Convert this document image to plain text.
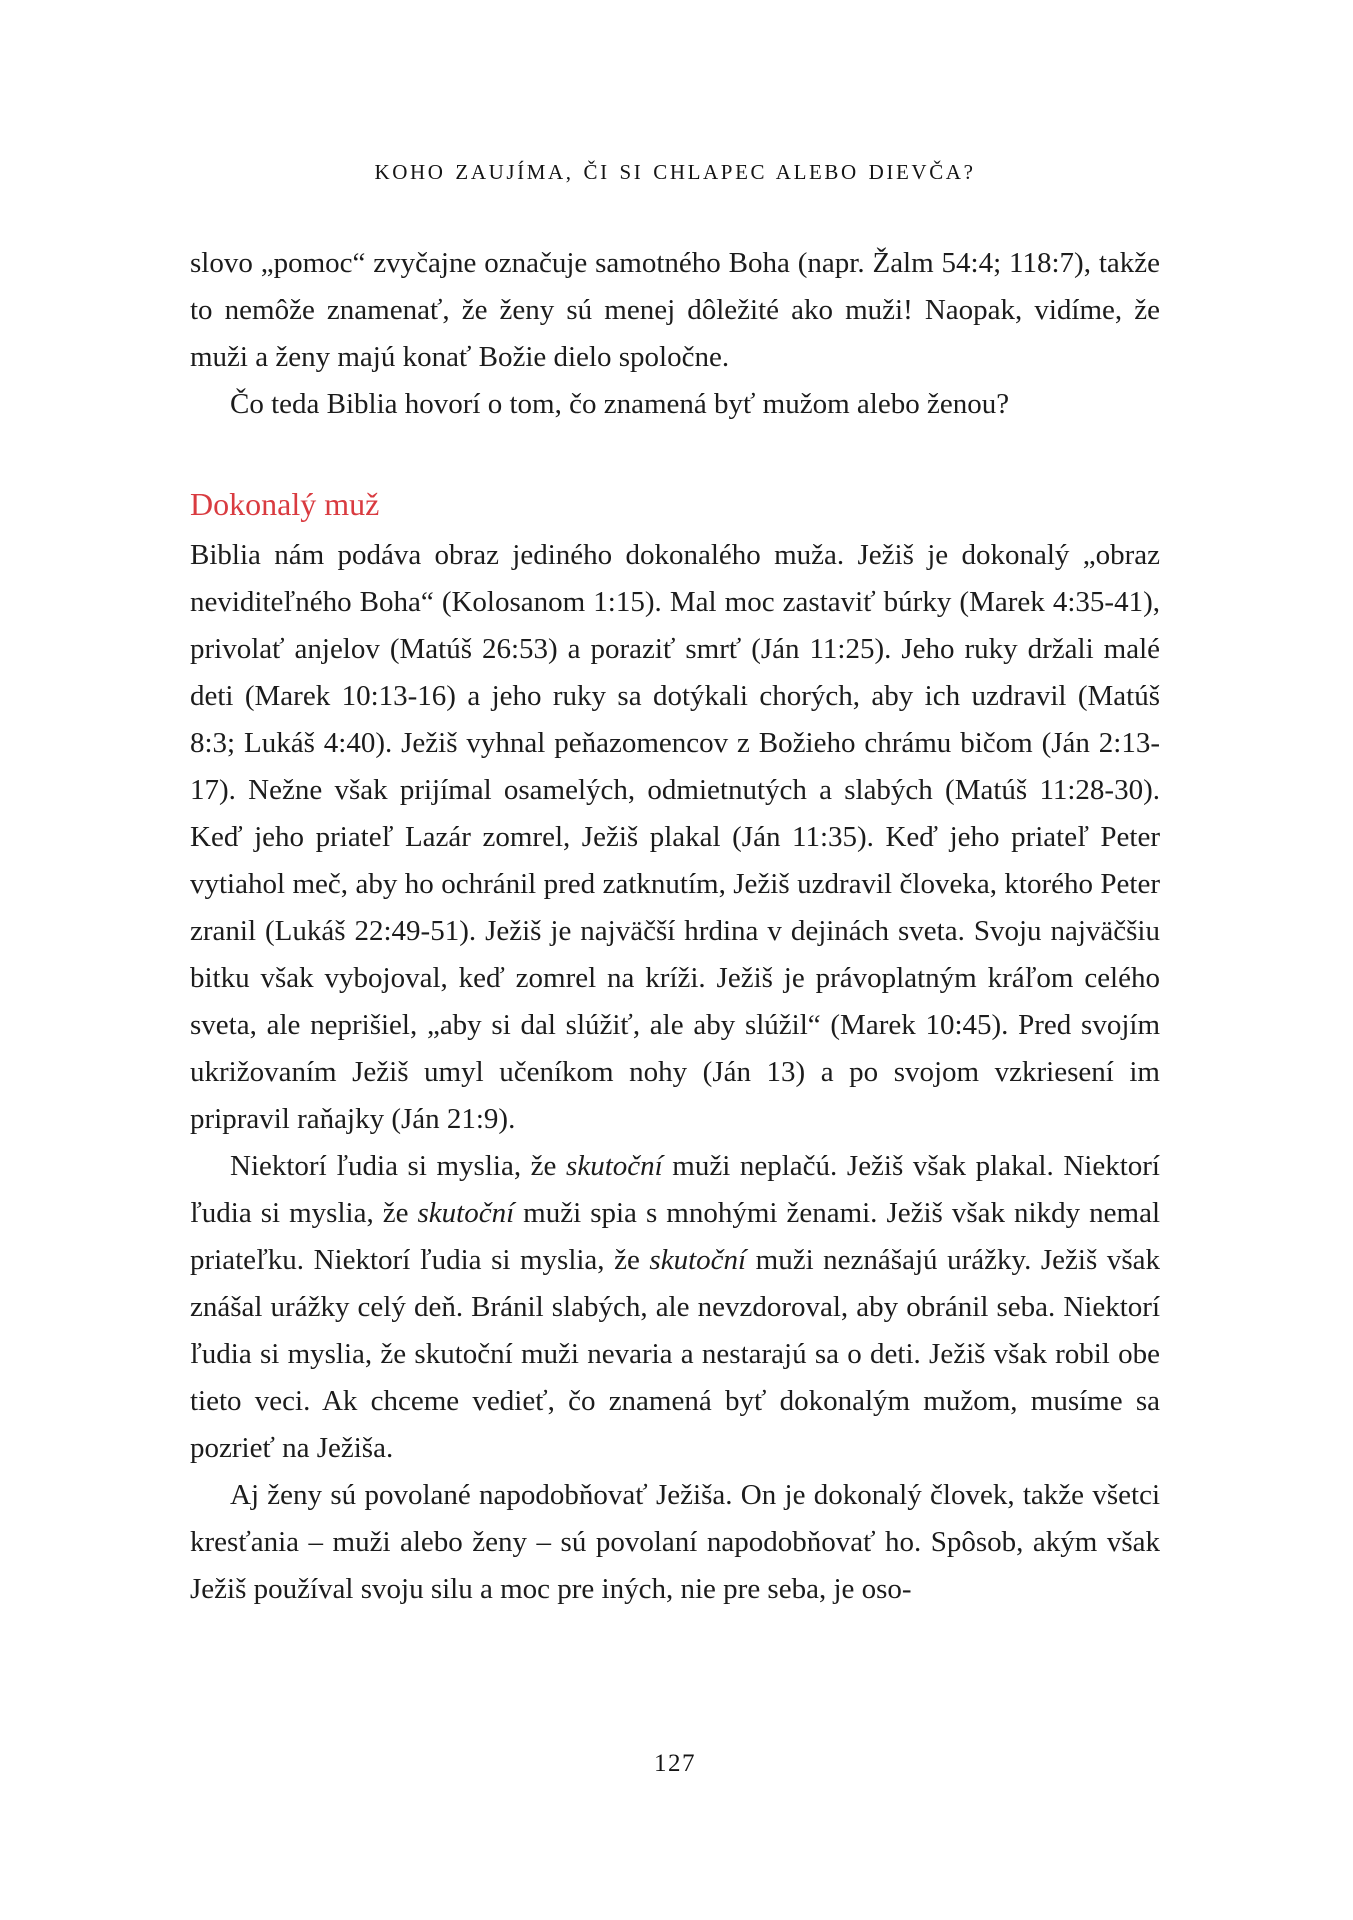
KOHO ZAUJÍMA, ČI SI CHLAPEC ALEBO DIEVČA?

slovo „pomoc“ zvyčajne označuje samotného Boha (napr. Žalm 54:4; 118:7), takže to nemôže znamenať, že ženy sú menej dôležité ako muži! Naopak, vidíme, že muži a ženy majú konať Božie dielo spoločne.

Čo teda Biblia hovorí o tom, čo znamená byť mužom alebo ženou?

Dokonalý muž

Biblia nám podáva obraz jediného dokonalého muža. Ježiš je dokonalý „obraz neviditeľného Boha“ (Kolosanom 1:15). Mal moc zastaviť búrky (Marek 4:35-41), privolať anjelov (Matúš 26:53) a poraziť smrť (Ján 11:25). Jeho ruky držali malé deti (Marek 10:13-16) a jeho ruky sa dotýkali chorých, aby ich uzdravil (Matúš 8:3; Lukáš 4:40). Ježiš vyhnal peňazomencov z Božieho chrámu bičom (Ján 2:13-17). Nežne však prijímal osamelých, odmietnutých a slabých (Matúš 11:28-30). Keď jeho priateľ Lazár zomrel, Ježiš plakal (Ján 11:35). Keď jeho priateľ Peter vytiahol meč, aby ho ochránil pred zatknutím, Ježiš uzdravil človeka, ktorého Peter zranil (Lukáš 22:49-51). Ježiš je najväčší hrdina v dejinách sveta. Svoju najväčšiu bitku však vybojoval, keď zomrel na kríži. Ježiš je právoplatným kráľom celého sveta, ale neprišiel, „aby si dal slúžiť, ale aby slúžil“ (Marek 10:45). Pred svojím ukrižovaním Ježiš umyl učeníkom nohy (Ján 13) a po svojom vzkriesení im pripravil raňajky (Ján 21:9).

Niektorí ľudia si myslia, že skutoční muži neplačú. Ježiš však plakal. Niektorí ľudia si myslia, že skutoční muži spia s mnohými ženami. Ježiš však nikdy nemal priateľku. Niektorí ľudia si myslia, že skutoční muži neznášajú urážky. Ježiš však znášal urážky celý deň. Bránil slabých, ale nevzdoroval, aby obránil seba. Niektorí ľudia si myslia, že skutoční muži nevaria a nestarajú sa o deti. Ježiš však robil obe tieto veci. Ak chceme vedieť, čo znamená byť dokonalým mužom, musíme sa pozrieť na Ježiša.

Aj ženy sú povolané napodobňovať Ježiša. On je dokonalý človek, takže všetci kresťania – muži alebo ženy – sú povolaní napodobňovať ho. Spôsob, akým však Ježiš používal svoju silu a moc pre iných, nie pre seba, je oso-

127
